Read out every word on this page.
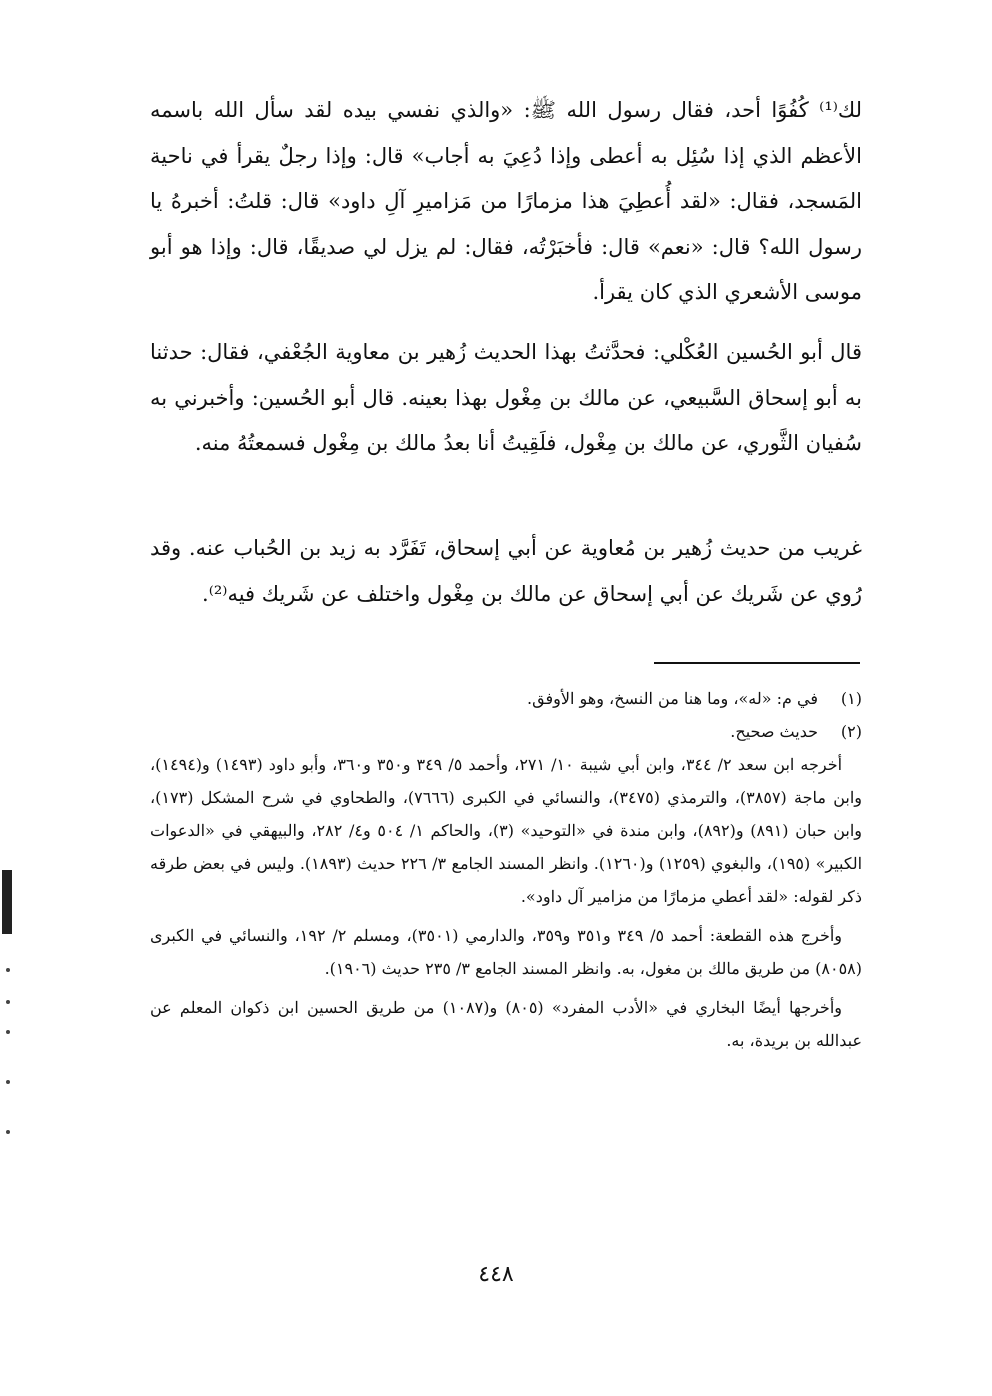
لك⁽¹⁾ كُفُوًا أحد، فقال رسول الله ﷺ: «والذي نفسي بيده لقد سأل الله باسمه الأعظم الذي إذا سُئِل به أعطى وإذا دُعِيَ به أجاب» قال: وإذا رجلٌ يقرأ في ناحية المَسجد، فقال: «لقد أُعطِيَ هذا مزمارًا من مَزاميرِ آلِ داود» قال: قلتُ: أخبرهُ يا رسول الله؟ قال: «نعم» قال: فأخبَرْتُه، فقال: لم يزل لي صديقًا، قال: وإذا هو أبو موسى الأشعري الذي كان يقرأ.

قال أبو الحُسين العُكْلي: فحدَّثتُ بهذا الحديث زُهير بن معاوية الجُعْفي، فقال: حدثنا به أبو إسحاق السَّبيعي، عن مالك بن مِغْول بهذا بعينه. قال أبو الحُسين: وأخبرني به سُفيان الثَّوري، عن مالك بن مِغْول، فلَقِيتُ أنا بعدُ مالك بن مِغْول فسمعتُهُ منه.

غريب من حديث زُهير بن مُعاوية عن أبي إسحاق، تَفَرَّد به زيد بن الحُباب عنه. وقد رُوي عن شَريك عن أبي إسحاق عن مالك بن مِغْول واختلف عن شَريك فيه⁽²⁾.

(١)
في م: «له»، وما هنا من النسخ، وهو الأوفق.
(٢)
حديث صحيح.

أخرجه ابن سعد ٢/ ٣٤٤، وابن أبي شيبة ١٠/ ٢٧١، وأحمد ٥/ ٣٤٩ و٣٥٠ و٣٦٠، وأبو داود (١٤٩٣) و(١٤٩٤)، وابن ماجة (٣٨٥٧)، والترمذي (٣٤٧٥)، والنسائي في الكبرى (٧٦٦٦)، والطحاوي في شرح المشكل (١٧٣)، وابن حبان (٨٩١) و(٨٩٢)، وابن مندة في «التوحيد» (٣)، والحاكم ١/ ٥٠٤ و٤/ ٢٨٢، والبيهقي في «الدعوات الكبير» (١٩٥)، والبغوي (١٢٥٩) و(١٢٦٠). وانظر المسند الجامع ٣/ ٢٢٦ حديث (١٨٩٣). وليس في بعض طرقه ذكر لقوله: «لقد أعطي مزمارًا من مزامير آل داود».

وأخرج هذه القطعة: أحمد ٥/ ٣٤٩ و٣٥١ و٣٥٩، والدارمي (٣٥٠١)، ومسلم ٢/ ١٩٢، والنسائي في الكبرى (٨٠٥٨) من طريق مالك بن مغول، به. وانظر المسند الجامع ٣/ ٢٣٥ حديث (١٩٠٦).

وأخرجها أيضًا البخاري في «الأدب المفرد» (٨٠٥) و(١٠٨٧) من طريق الحسين ابن ذكوان المعلم عن عبدالله بن بريدة، به.

٤٤٨
